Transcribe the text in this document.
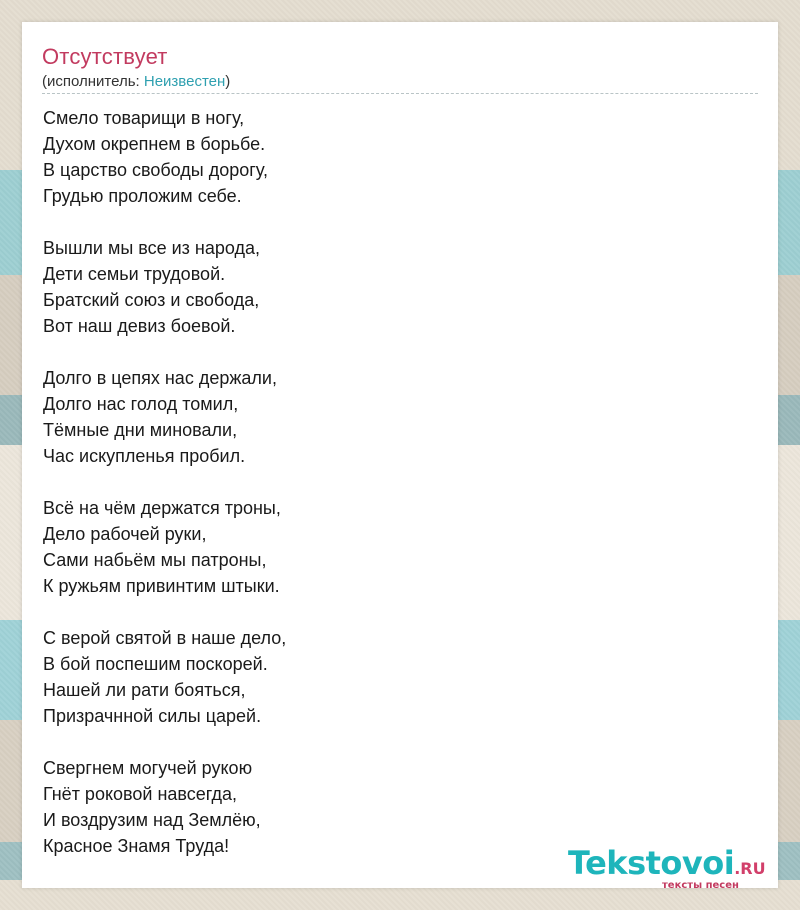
Отсутствует
(исполнитель: Неизвестен)
Смело товарищи в ногу,
Духом окрепнем в борьбе.
В царство свободы дорогу,
Грудью проложим себе.
Вышли мы все из народа,
Дети семьи трудовой.
Братский союз и свобода,
Вот наш девиз боевой.
Долго в цепях нас держали,
Долго нас голод томил,
Тёмные дни миновали,
Час искупленья пробил.
Всё на чём держатся троны,
Дело рабочей руки,
Сами набьём мы патроны,
К ружьям привинтим штыки.
С верой святой в наше дело,
В бой поспешим поскорей.
Нашей ли рати бояться,
Призрачнной силы царей.
Свергнем могучей рукою
Гнёт роковой навсегда,
И воздрузим над Землёю,
Красное Знамя Труда!	Tekstovoi.RU
тексты песен
